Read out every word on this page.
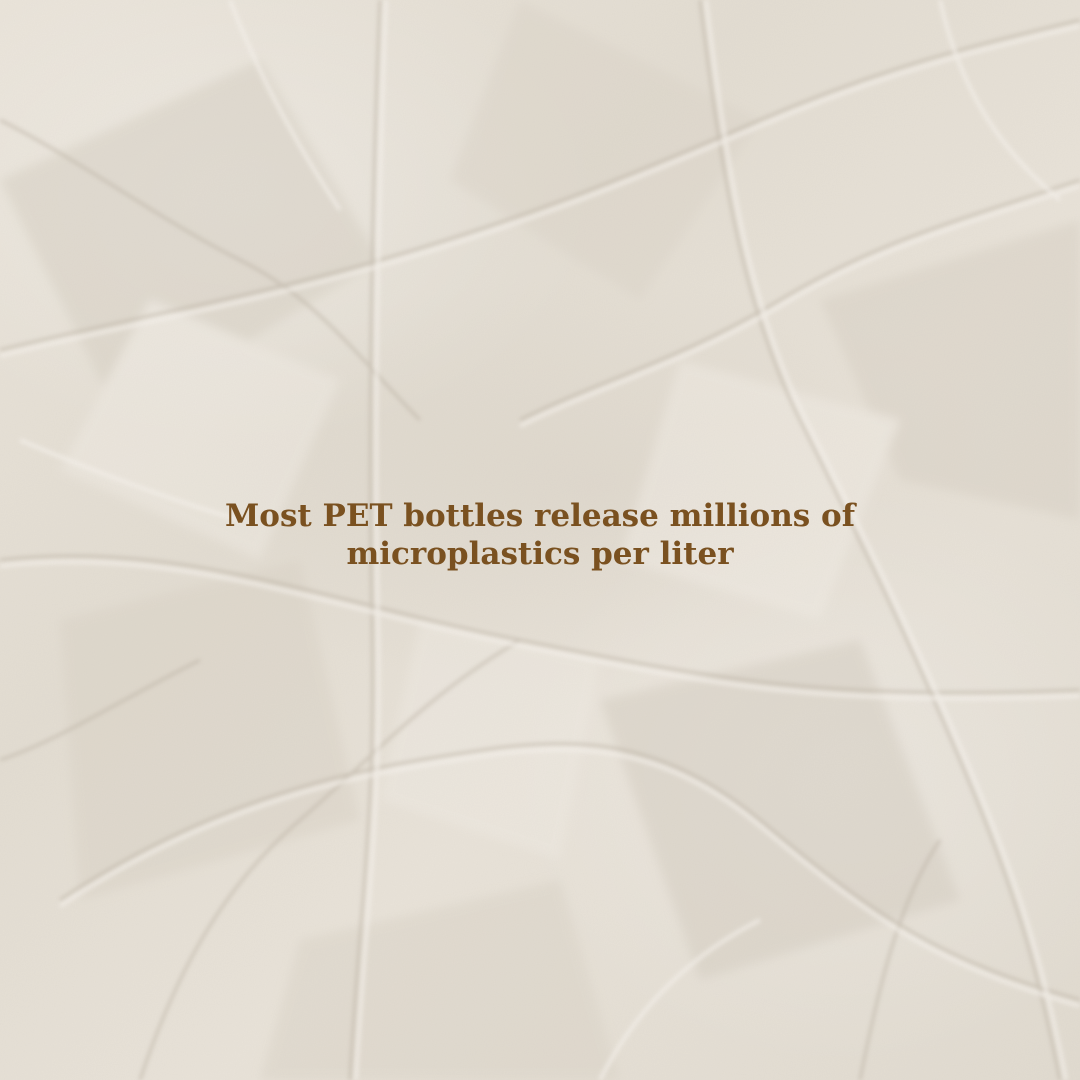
Most PET bottles release millions of microplastics per liter
